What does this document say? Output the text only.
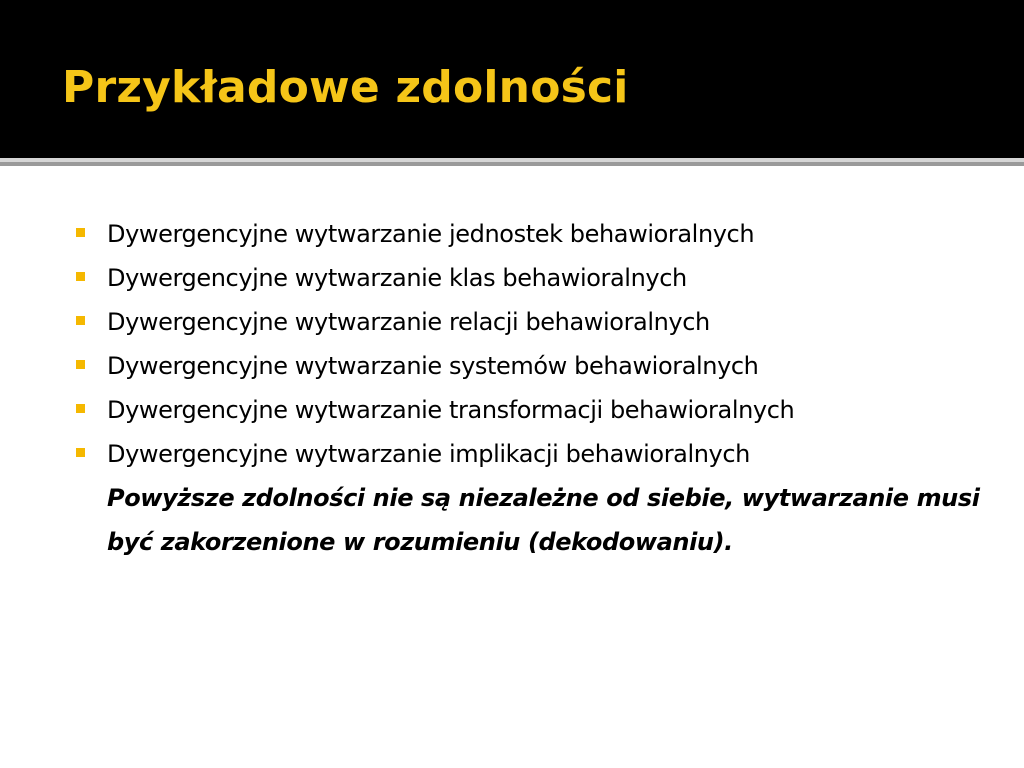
Przykładowe zdolności
Dywergencyjne wytwarzanie jednostek behawioralnych
Dywergencyjne wytwarzanie klas behawioralnych
Dywergencyjne wytwarzanie relacji behawioralnych
Dywergencyjne wytwarzanie systemów behawioralnych
Dywergencyjne wytwarzanie transformacji behawioralnych
Dywergencyjne wytwarzanie implikacji behawioralnych

Powyższe zdolności nie są niezależne od siebie, wytwarzanie musi być zakorzenione w rozumieniu (dekodowaniu).
